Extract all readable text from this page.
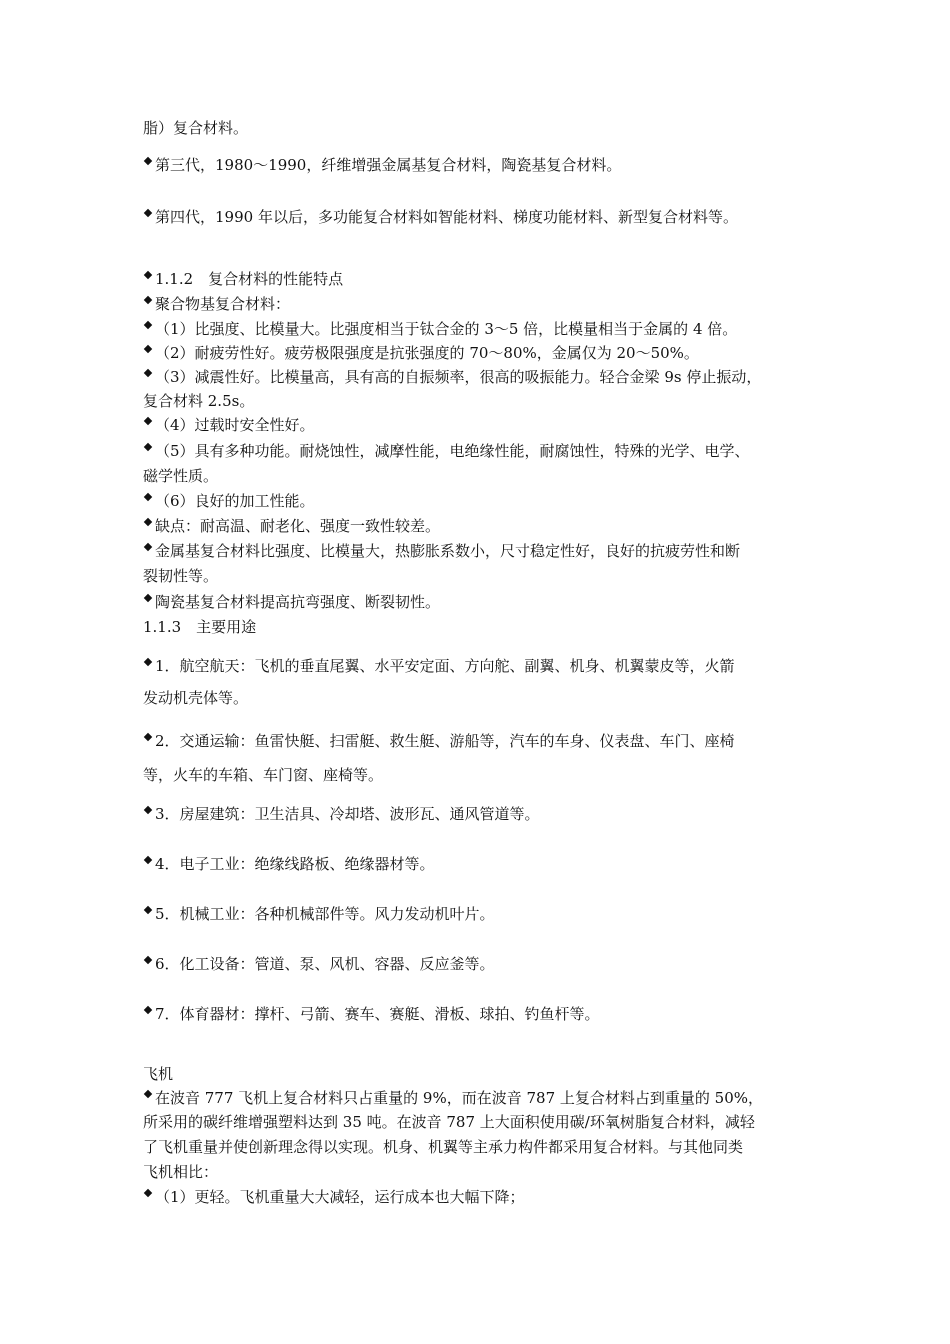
脂）复合材料。
第三代，1980～1990，纤维增强金属基复合材料，陶瓷基复合材料。
第四代，1990 年以后，多功能复合材料如智能材料、梯度功能材料、新型复合材料等。
1.1.2　复合材料的性能特点
聚合物基复合材料：
（1）比强度、比模量大。比强度相当于钛合金的 3～5 倍，比模量相当于金属的 4 倍。
（2）耐疲劳性好。疲劳极限强度是抗张强度的 70～80%，金属仅为 20～50%。
（3）减震性好。比模量高，具有高的自振频率，很高的吸振能力。轻合金梁 9s 停止振动，
复合材料 2.5s。
（4）过载时安全性好。
（5）具有多种功能。耐烧蚀性，减摩性能，电绝缘性能，耐腐蚀性，特殊的光学、电学、
磁学性质。
（6）良好的加工性能。
缺点：耐高温、耐老化、强度一致性较差。
金属基复合材料比强度、比模量大，热膨胀系数小，尺寸稳定性好，良好的抗疲劳性和断
裂韧性等。
陶瓷基复合材料提高抗弯强度、断裂韧性。
1.1.3　主要用途
1．航空航天：飞机的垂直尾翼、水平安定面、方向舵、副翼、机身、机翼蒙皮等，火箭
发动机壳体等。
2．交通运输：鱼雷快艇、扫雷艇、救生艇、游船等，汽车的车身、仪表盘、车门、座椅
等，火车的车箱、车门窗、座椅等。
3．房屋建筑：卫生洁具、冷却塔、波形瓦、通风管道等。
4．电子工业：绝缘线路板、绝缘器材等。
5．机械工业：各种机械部件等。风力发动机叶片。
6．化工设备：管道、泵、风机、容器、反应釜等。
7．体育器材：撑杆、弓箭、赛车、赛艇、滑板、球拍、钓鱼杆等。
飞机
在波音 777 飞机上复合材料只占重量的 9%，而在波音 787 上复合材料占到重量的 50%，
所采用的碳纤维增强塑料达到 35 吨。在波音 787 上大面积使用碳/环氧树脂复合材料，减轻
了飞机重量并使创新理念得以实现。机身、机翼等主承力构件都采用复合材料。与其他同类
飞机相比：
（1）更轻。飞机重量大大减轻，运行成本也大幅下降；
